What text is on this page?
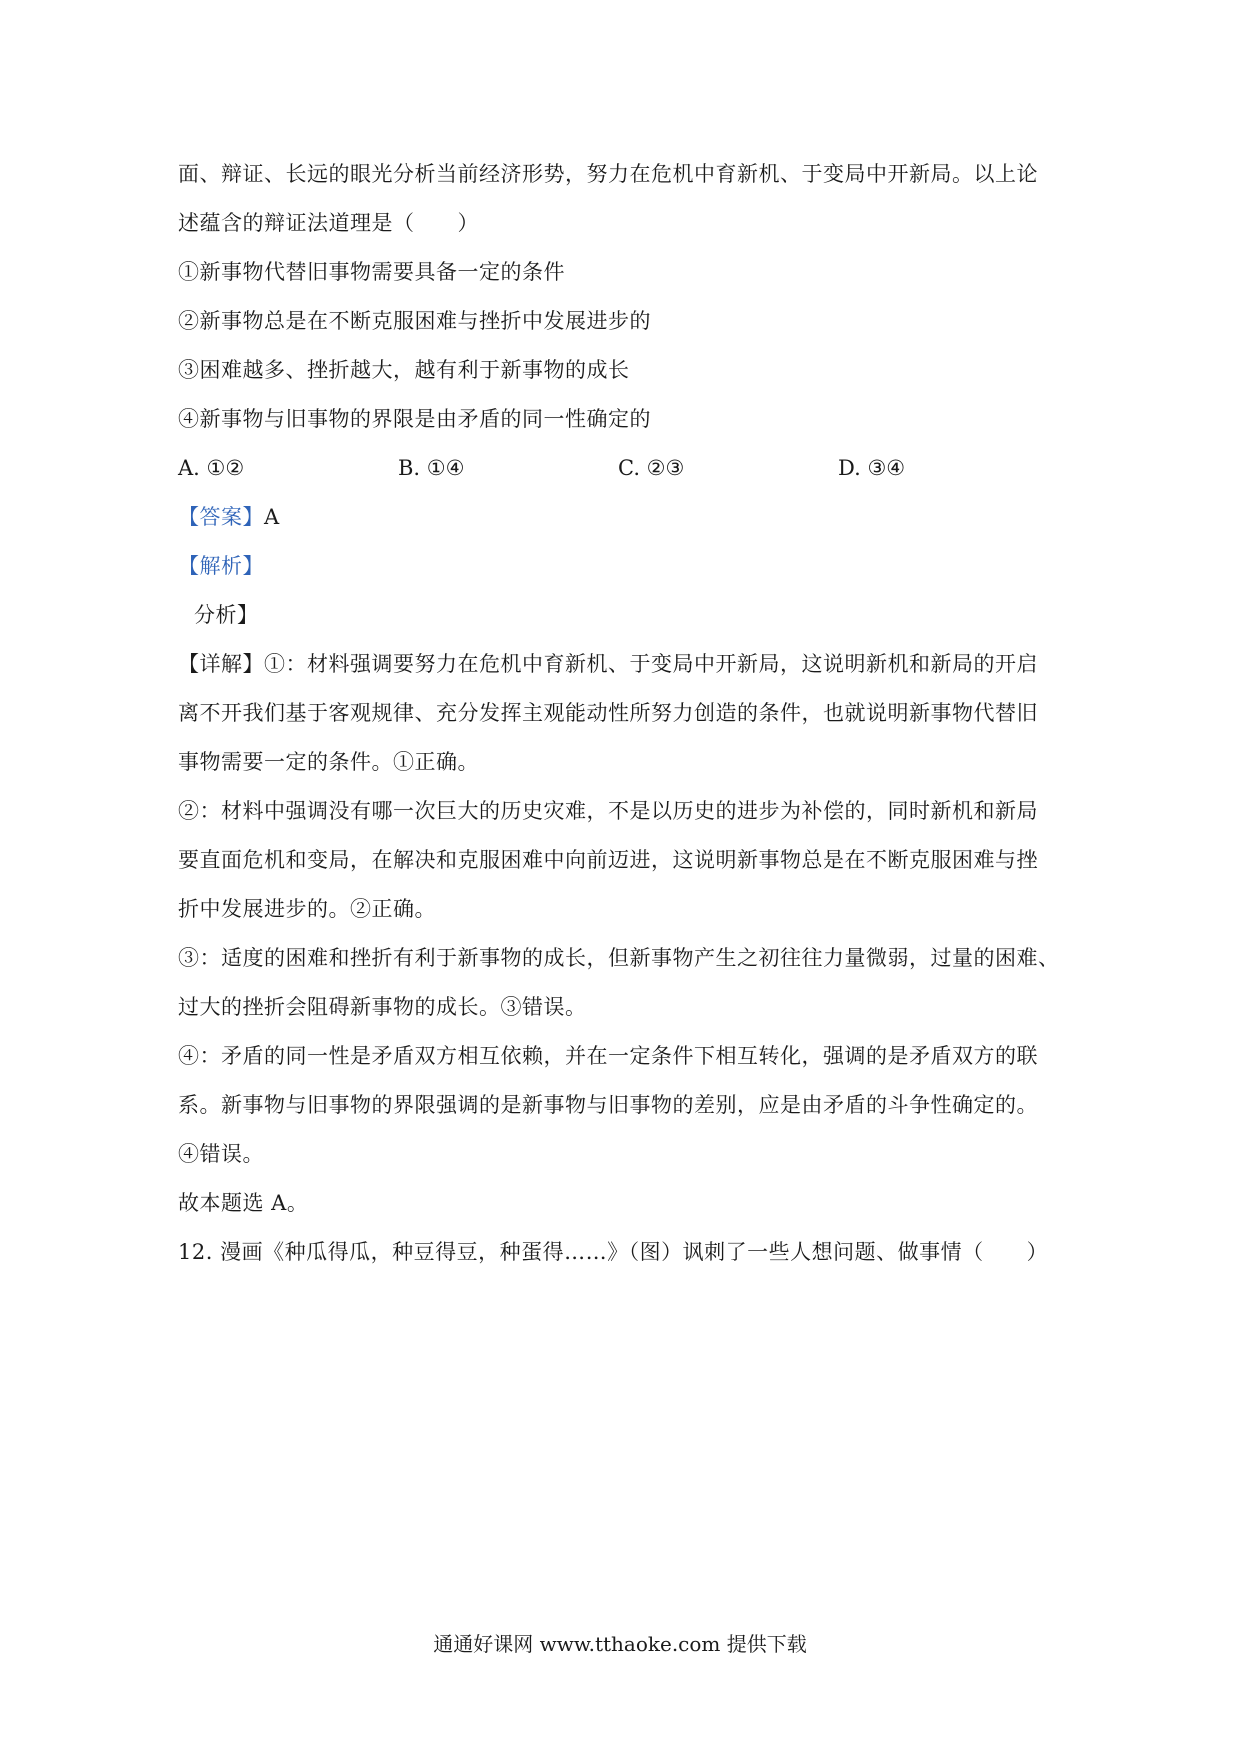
面、辩证、长远的眼光分析当前经济形势，努力在危机中育新机、于变局中开新局。以上论
述蕴含的辩证法道理是（　　）
①新事物代替旧事物需要具备一定的条件
②新事物总是在不断克服困难与挫折中发展进步的
③困难越多、挫折越大，越有利于新事物的成长
④新事物与旧事物的界限是由矛盾的同一性确定的
A. ①②	B. ①④	C. ②③	D. ③④
【答案】A
【解析】
分析】
【详解】①：材料强调要努力在危机中育新机、于变局中开新局，这说明新机和新局的开启
离不开我们基于客观规律、充分发挥主观能动性所努力创造的条件，也就说明新事物代替旧
事物需要一定的条件。①正确。
②：材料中强调没有哪一次巨大的历史灾难，不是以历史的进步为补偿的，同时新机和新局
要直面危机和变局，在解决和克服困难中向前迈进，这说明新事物总是在不断克服困难与挫
折中发展进步的。②正确。
③：适度的困难和挫折有利于新事物的成长，但新事物产生之初往往力量微弱，过量的困难、
过大的挫折会阻碍新事物的成长。③错误。
④：矛盾的同一性是矛盾双方相互依赖，并在一定条件下相互转化，强调的是矛盾双方的联
系。新事物与旧事物的界限强调的是新事物与旧事物的差别，应是由矛盾的斗争性确定的。
④错误。
故本题选 A。
12. 漫画《种瓜得瓜，种豆得豆，种蛋得……》（图）讽刺了一些人想问题、做事情（　　）
通通好课网 www.tthaoke.com 提供下载
